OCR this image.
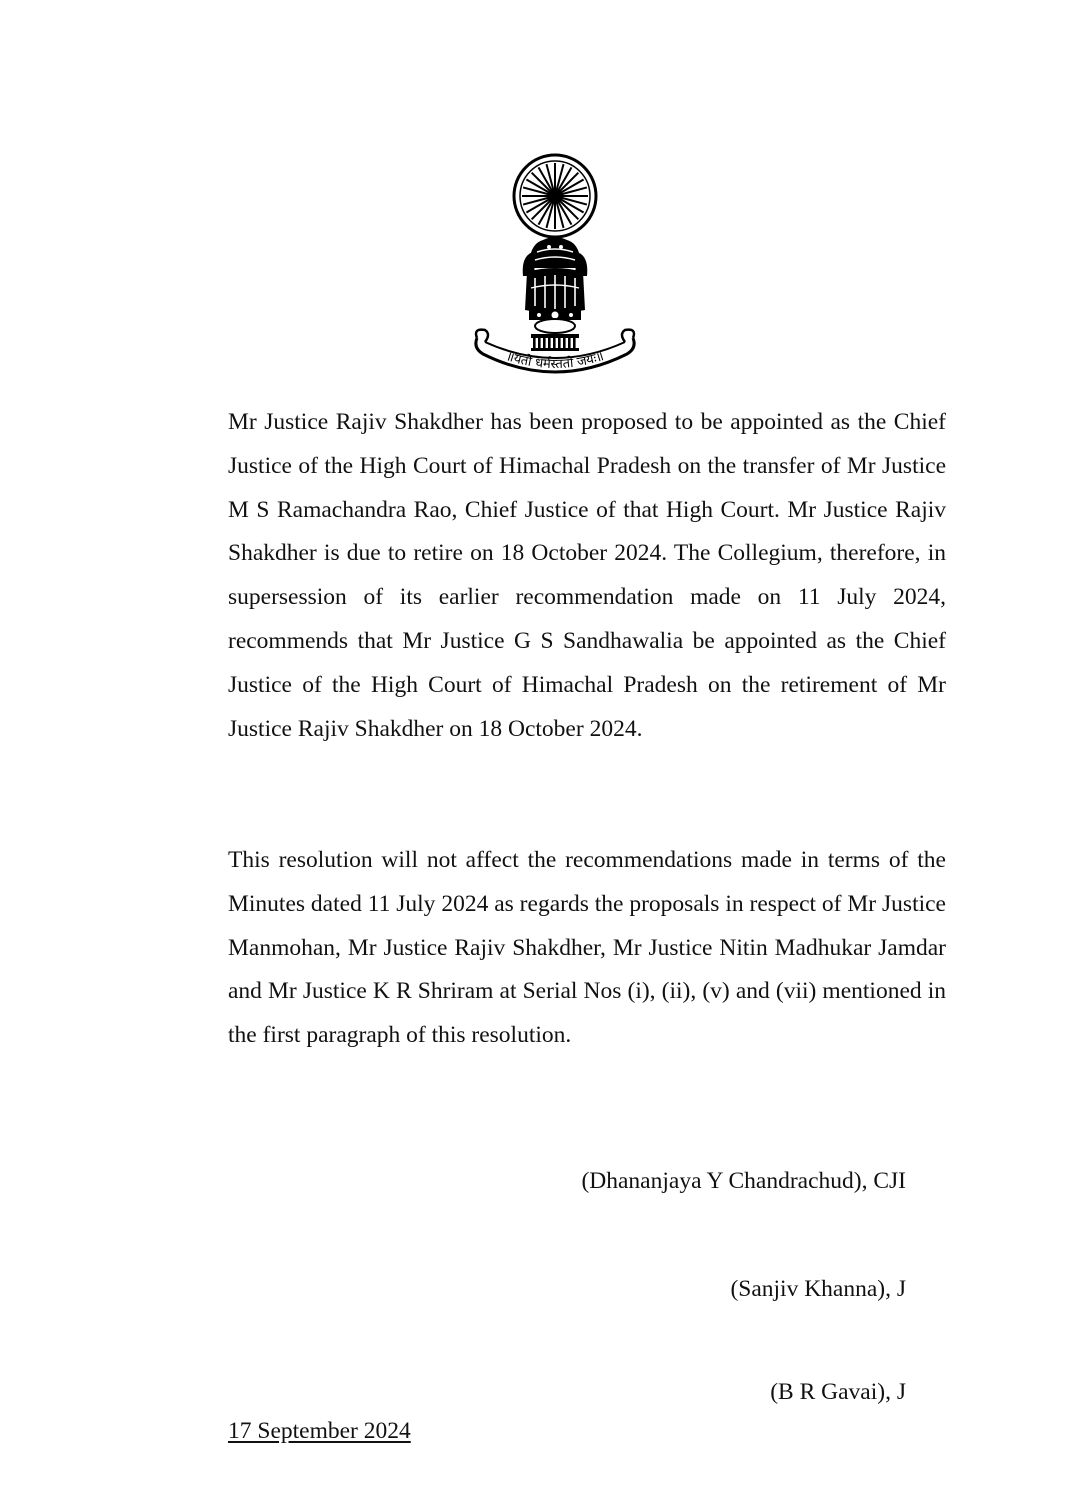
॥यतो धर्मस्ततो जयः॥

Mr Justice Rajiv Shakdher has been proposed to be appointed as the Chief Justice of the High Court of Himachal Pradesh on the transfer of Mr Justice M S Ramachandra Rao, Chief Justice of that High Court. Mr Justice Rajiv Shakdher is due to retire on 18 October 2024. The Collegium, therefore, in supersession of its earlier recommendation made on 11 July 2024, recommends that Mr Justice G S Sandhawalia be appointed as the Chief Justice of the High Court of Himachal Pradesh on the retirement of Mr Justice Rajiv Shakdher on 18 October 2024.

This resolution will not affect the recommendations made in terms of the Minutes dated 11 July 2024 as regards the proposals in respect of Mr Justice Manmohan, Mr Justice Rajiv Shakdher, Mr Justice Nitin Madhukar Jamdar and Mr Justice K R Shriram at Serial Nos (i), (ii), (v) and (vii) mentioned in the first paragraph of this resolution.

(Dhananjaya Y Chandrachud), CJI
(Sanjiv Khanna), J
(B R Gavai), J
17 September 2024
